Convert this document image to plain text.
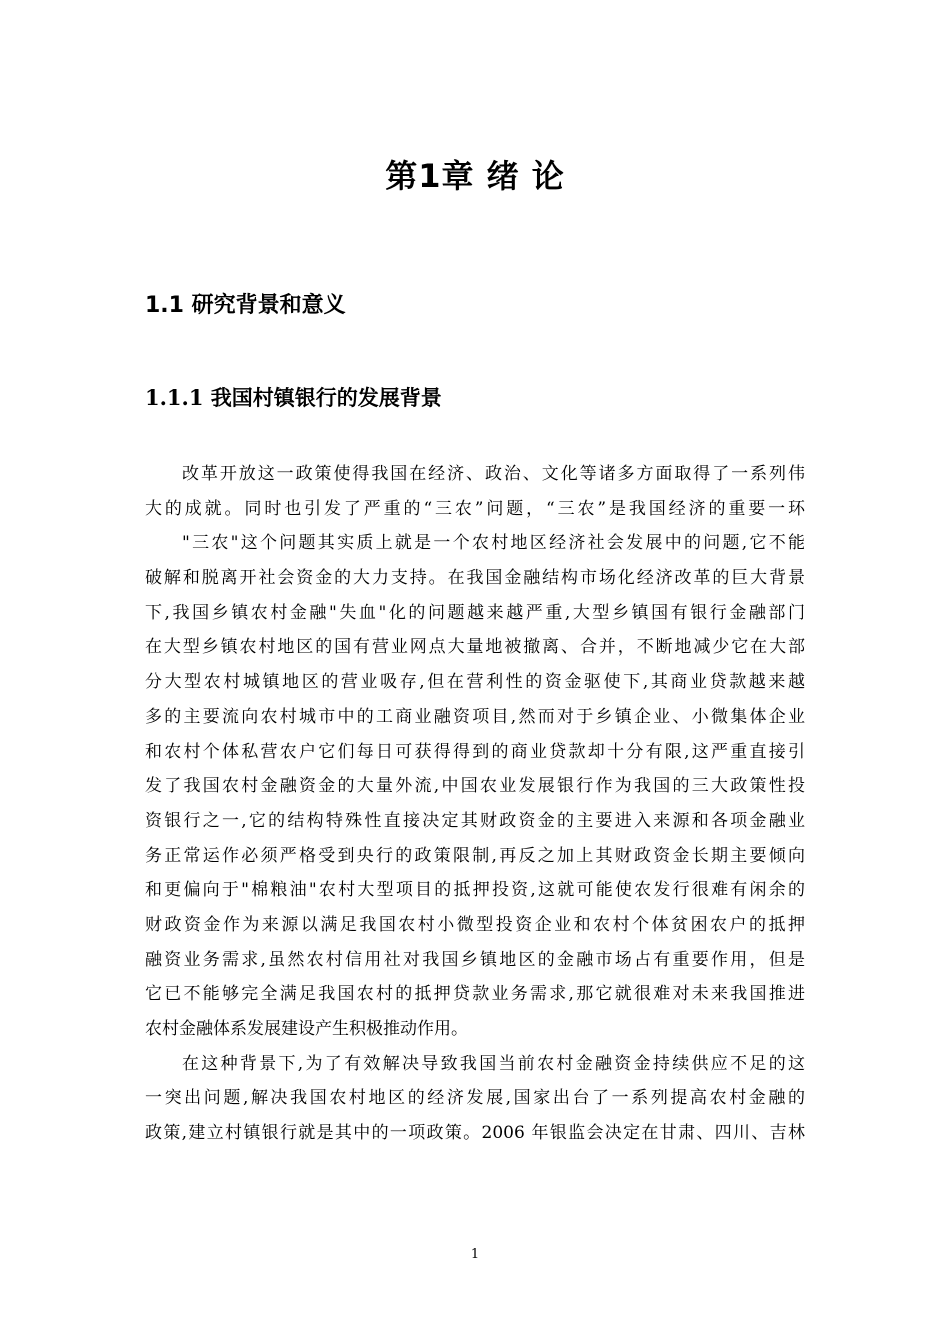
第1章 绪 论
1.1 研究背景和意义
1.1.1 我国村镇银行的发展背景
改革开放这一政策使得我国在经济、政治、文化等诸多方面取得了一系列伟
大的成就。同时也引发了严重的“三农”问题，“三农”是我国经济的重要一环
"三农"这个问题其实质上就是一个农村地区经济社会发展中的问题,它不能
破解和脱离开社会资金的大力支持。在我国金融结构市场化经济改革的巨大背景
下,我国乡镇农村金融"失血"化的问题越来越严重,大型乡镇国有银行金融部门
在大型乡镇农村地区的国有营业网点大量地被撤离、合并，不断地减少它在大部
分大型农村城镇地区的营业吸存,但在营利性的资金驱使下,其商业贷款越来越
多的主要流向农村城市中的工商业融资项目,然而对于乡镇企业、小微集体企业
和农村个体私营农户它们每日可获得得到的商业贷款却十分有限,这严重直接引
发了我国农村金融资金的大量外流,中国农业发展银行作为我国的三大政策性投
资银行之一,它的结构特殊性直接决定其财政资金的主要进入来源和各项金融业
务正常运作必须严格受到央行的政策限制,再反之加上其财政资金长期主要倾向
和更偏向于"棉粮油"农村大型项目的抵押投资,这就可能使农发行很难有闲余的
财政资金作为来源以满足我国农村小微型投资企业和农村个体贫困农户的抵押
融资业务需求,虽然农村信用社对我国乡镇地区的金融市场占有重要作用，但是
它已不能够完全满足我国农村的抵押贷款业务需求,那它就很难对未来我国推进
农村金融体系发展建设产生积极推动作用。
在这种背景下,为了有效解决导致我国当前农村金融资金持续供应不足的这
一突出问题,解决我国农村地区的经济发展,国家出台了一系列提高农村金融的
政策,建立村镇银行就是其中的一项政策。2006 年银监会决定在甘肃、四川、吉林
1
